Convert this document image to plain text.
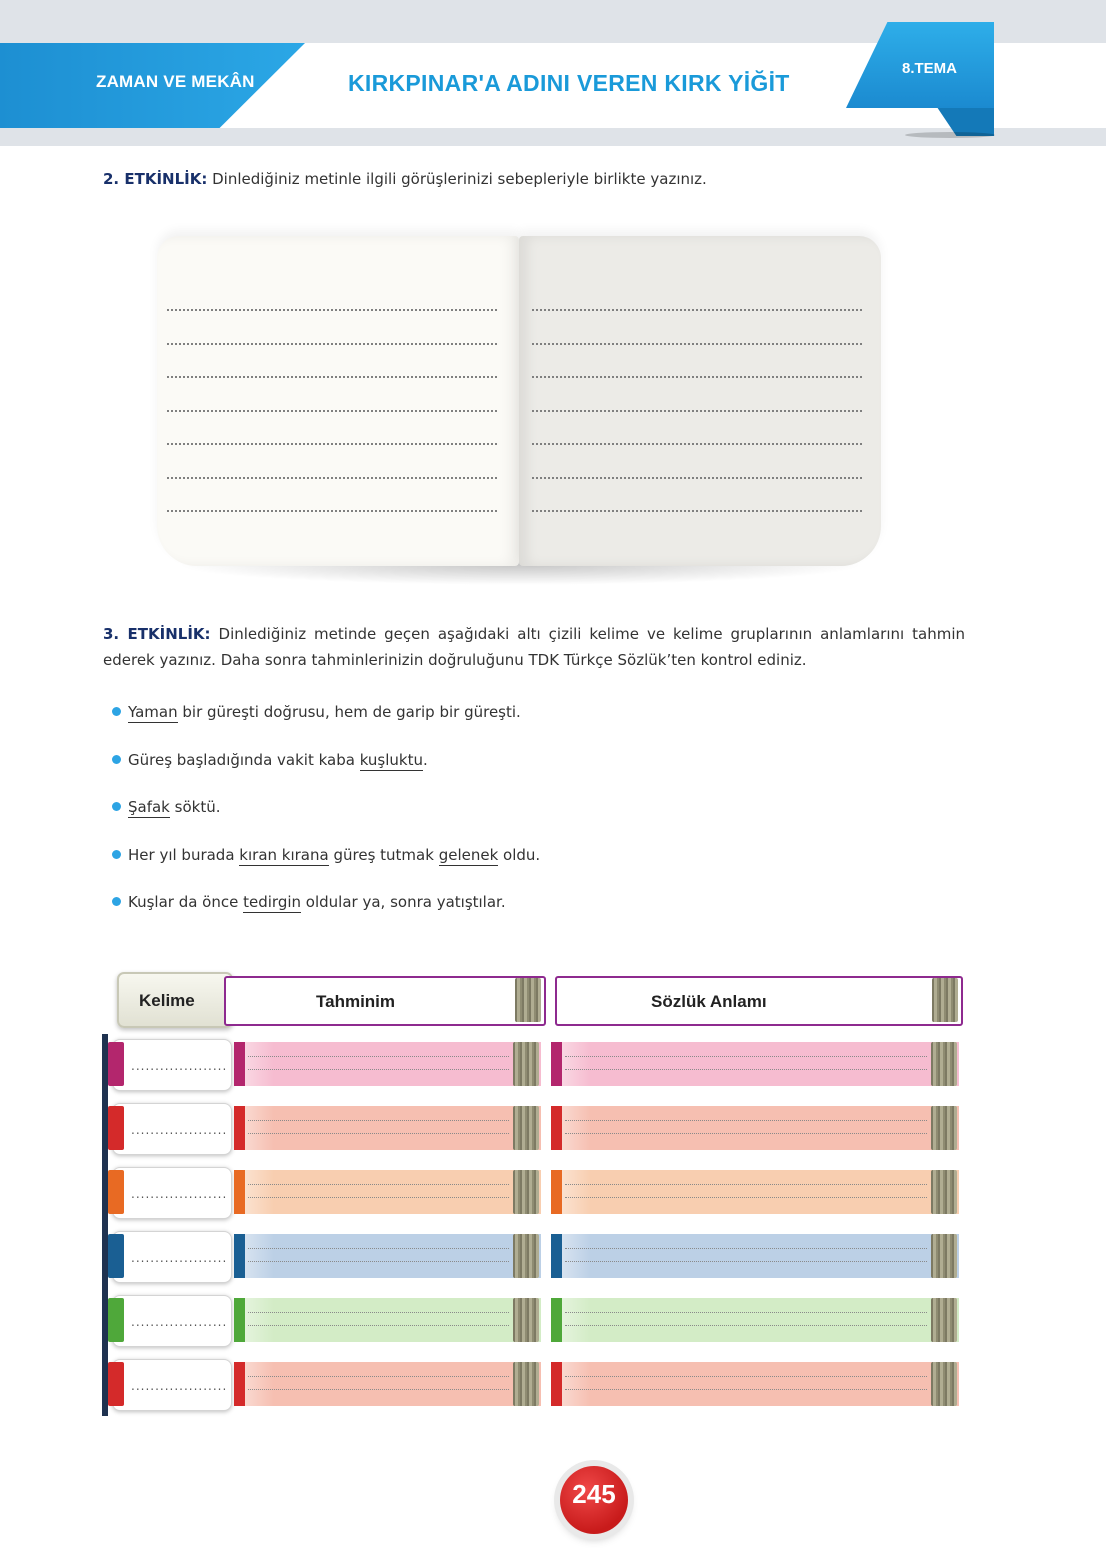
ZAMAN VE MEKÂN	KIRKPINAR'A ADINI VEREN KIRK YİĞİT
8.TEMA
2. ETKİNLİK: Dinlediğiniz metinle ilgili görüşlerinizi sebepleriyle birlikte yazınız.
3. ETKİNLİK: Dinlediğiniz metinde geçen aşağıdaki altı çizili kelime ve kelime gruplarının anlamlarını tahmin ederek yazınız. Daha sonra tahminlerinizin doğruluğunu TDK Türkçe Sözlük’ten kontrol ediniz.
Yaman bir güreşti doğrusu, hem de garip bir güreşti.
Güreş başladığında vakit kaba kuşluktu.
Şafak söktü.
Her yıl burada kıran kırana güreş tutmak gelenek oldu.
Kuşlar da önce tedirgin oldular ya, sonra yatıştılar.
Kelime	Tahminim	Sözlük Anlamı
....................
....................
....................
....................
....................
....................
245
